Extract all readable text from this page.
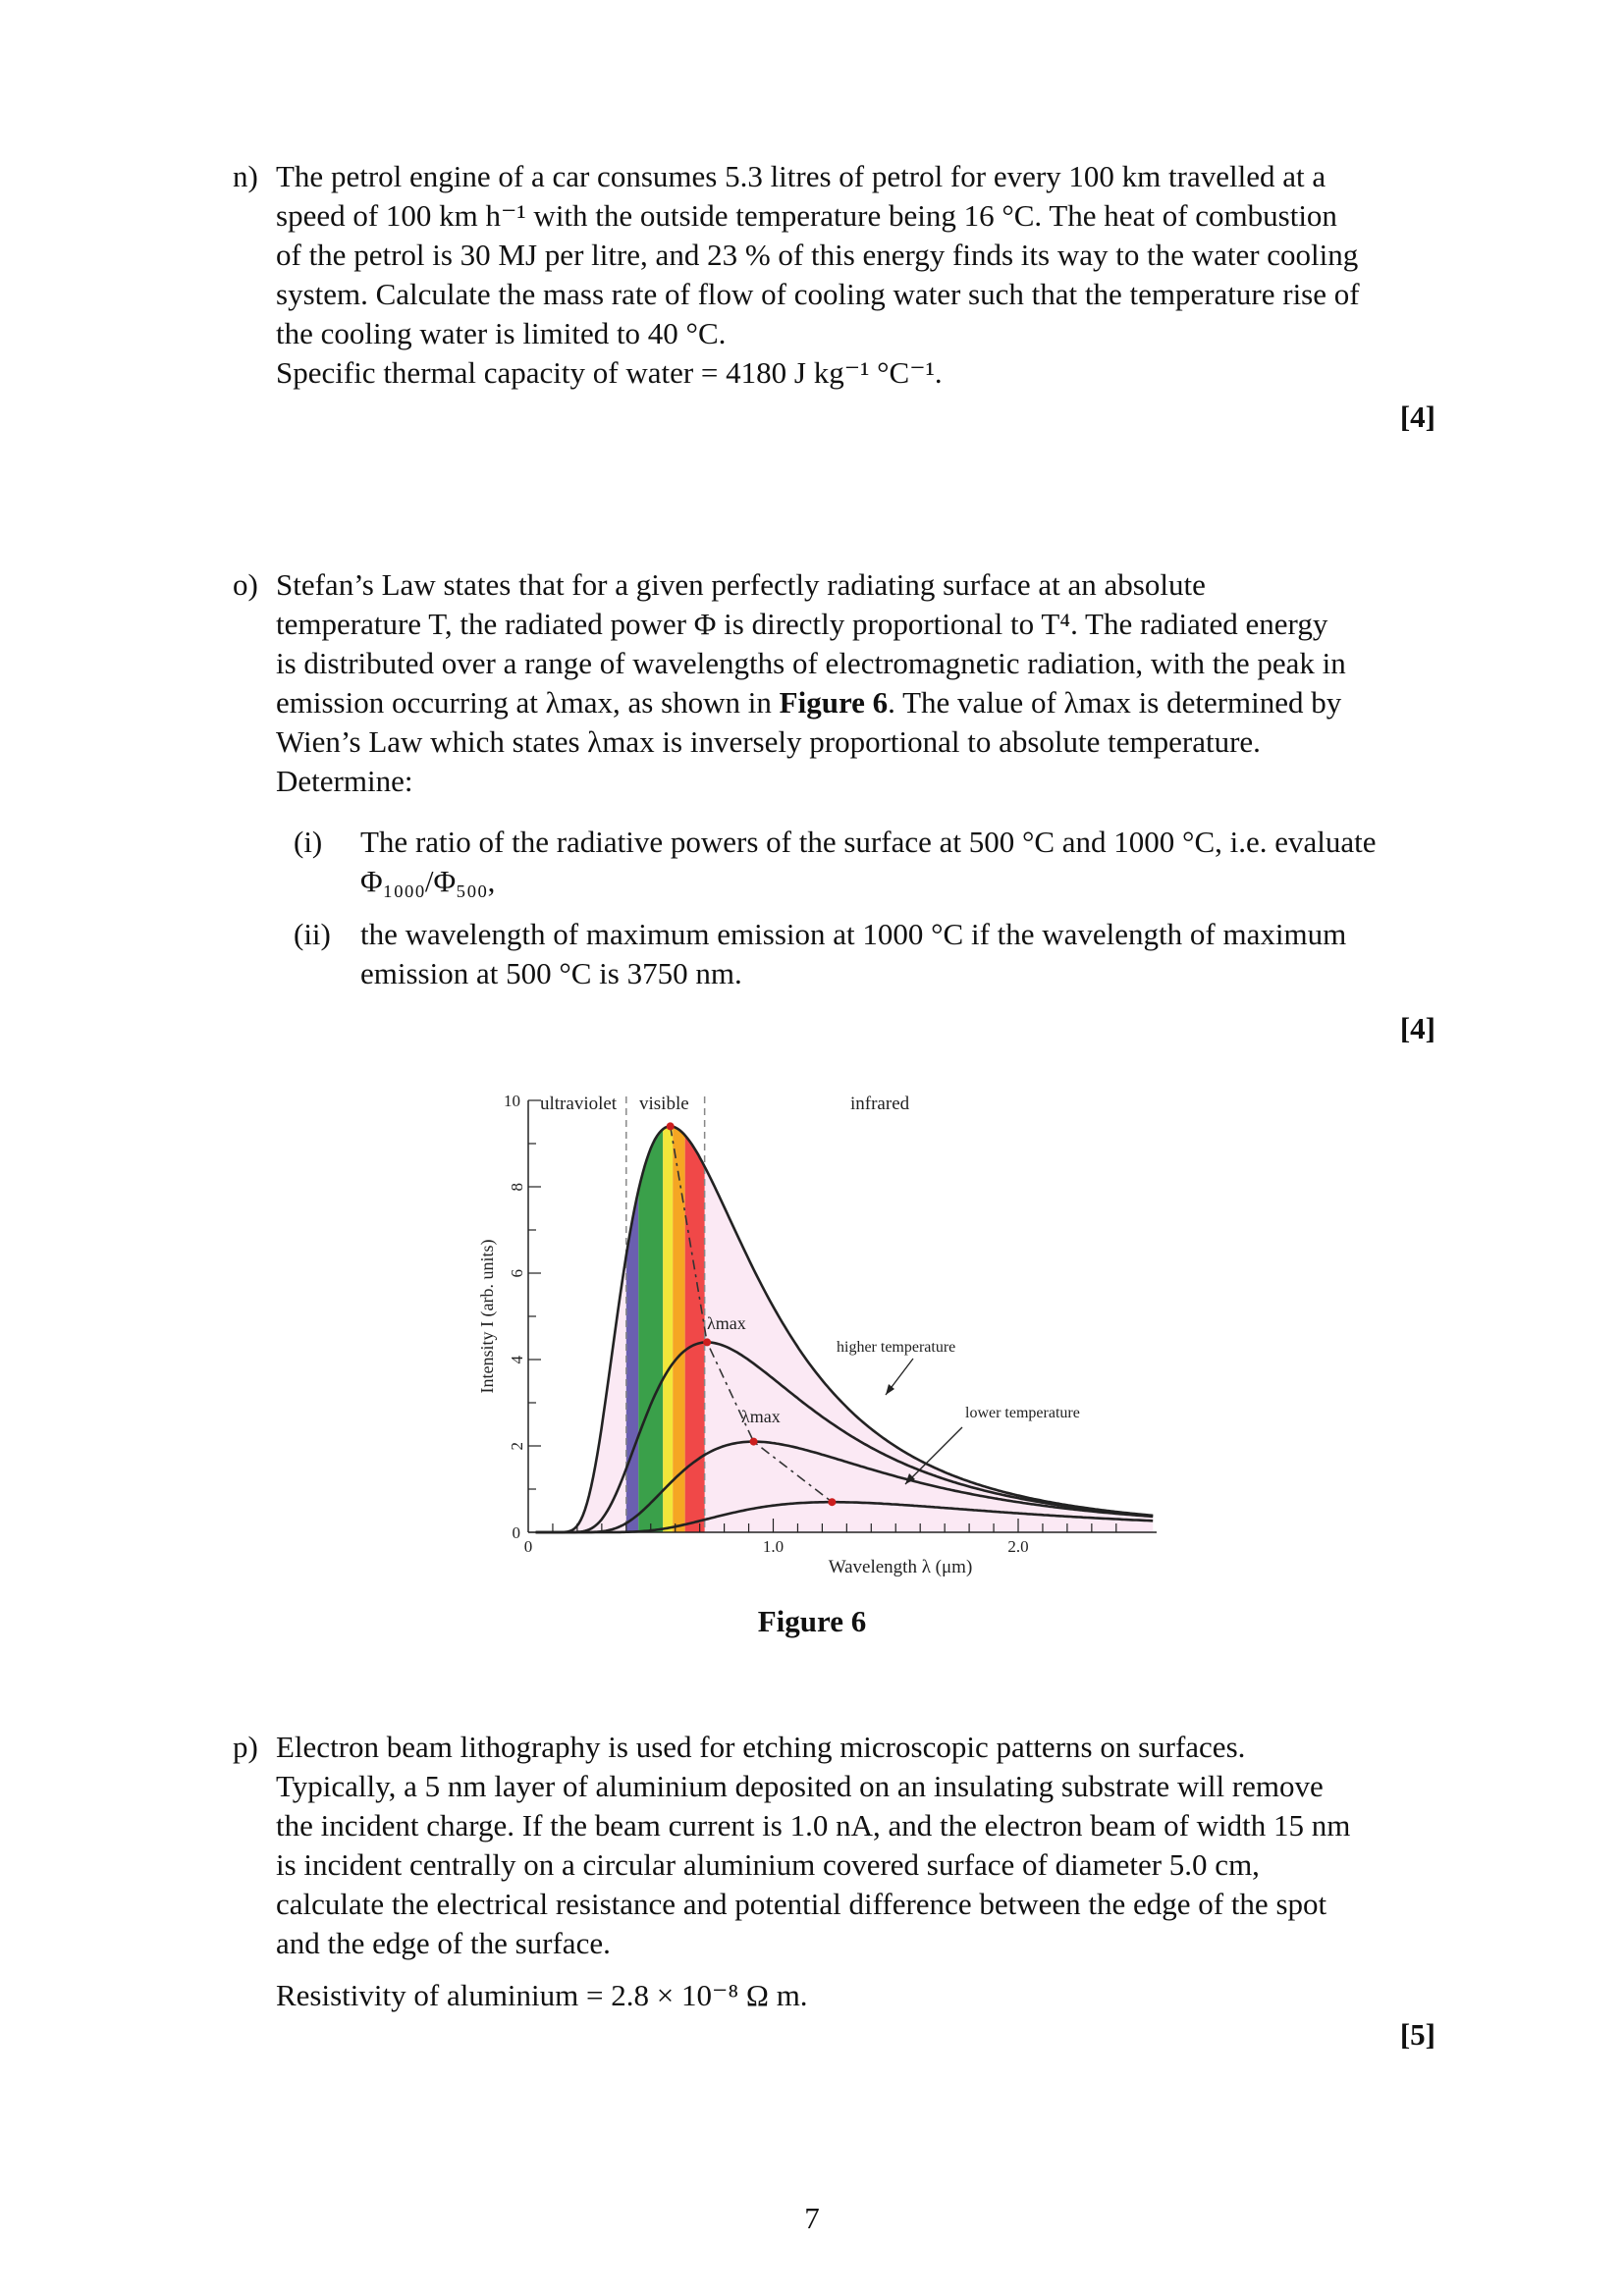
n) The petrol engine of a car consumes 5.3 litres of petrol for every 100 km travelled at a

speed of 100 km h⁻¹ with the outside temperature being 16 °C. The heat of combustion

of the petrol is 30 MJ per litre, and 23 % of this energy finds its way to the water cooling

system. Calculate the mass rate of flow of cooling water such that the temperature rise of

the cooling water is limited to 40 °C.

Specific thermal capacity of water = 4180 J kg⁻¹ °C⁻¹.

[4]
o) Stefan’s Law states that for a given perfectly radiating surface at an absolute

temperature T, the radiated power Φ is directly proportional to T⁴. The radiated energy

is distributed over a range of wavelengths of electromagnetic radiation, with the peak in

emission occurring at λmax, as shown in Figure 6. The value of λmax is determined by

Wien’s Law which states λmax is inversely proportional to absolute temperature.

Determine:

(i) The ratio of the radiative powers of the surface at 500 °C and 1000 °C, i.e. evaluate

Φ₁₀₀₀/Φ₅₀₀,

(ii) the wavelength of maximum emission at 1000 °C if the wavelength of maximum

emission at 500 °C is 3750 nm.

[4]
0
2
4
6
8
10
0	1.0	2.0
ultraviolet visible	infrared
λmax
λmax
higher temperature
lower temperature
Intensity I (arb. units)
Wavelength λ (μm)
Figure 6
p) Electron beam lithography is used for etching microscopic patterns on surfaces.

Typically, a 5 nm layer of aluminium deposited on an insulating substrate will remove

the incident charge. If the beam current is 1.0 nA, and the electron beam of width 15 nm

is incident centrally on a circular aluminium covered surface of diameter 5.0 cm,

calculate the electrical resistance and potential difference between the edge of the spot

and the edge of the surface.

Resistivity of aluminium = 2.8 × 10⁻⁸ Ω m.

[5]
7
